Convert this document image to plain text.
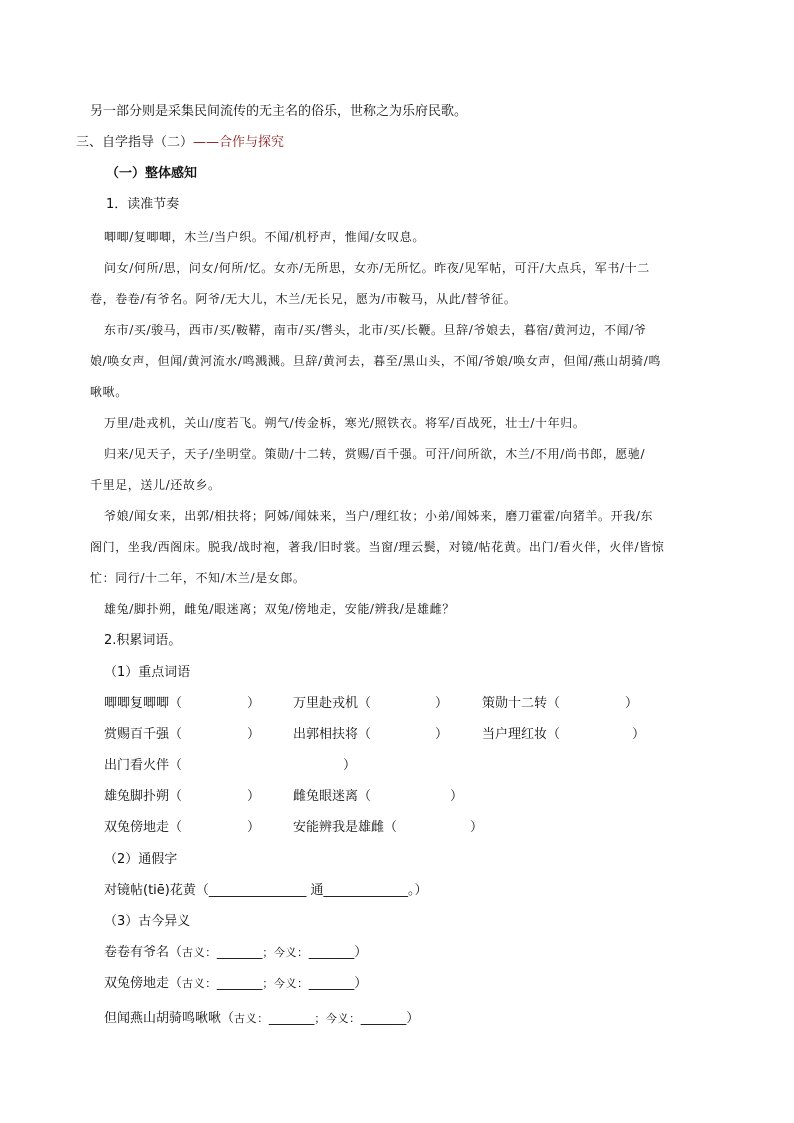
另一部分则是采集民间流传的无主名的俗乐，世称之为乐府民歌。
三、自学指导（二）——合作与探究
（一）整体感知
1．读准节奏
唧唧/复唧唧，木兰/当户织。不闻/机杼声，惟闻/女叹息。
问女/何所/思，问女/何所/忆。女亦/无所思，女亦/无所忆。昨夜/见军帖，可汗/大点兵，军书/十二
卷，卷卷/有爷名。阿爷/无大儿，木兰/无长兄，愿为/市鞍马，从此/替爷征。
东市/买/骏马，西市/买/鞍鞯，南市/买/辔头，北市/买/长鞭。旦辞/爷娘去，暮宿/黄河边，不闻/爷
娘/唤女声，但闻/黄河流水/鸣溅溅。旦辞/黄河去，暮至/黑山头，不闻/爷娘/唤女声，但闻/燕山胡骑/鸣
啾啾。
万里/赴戎机，关山/度若飞。朔气/传金柝，寒光/照铁衣。将军/百战死，壮士/十年归。
归来/见天子，天子/坐明堂。策勋/十二转，赏赐/百千强。可汗/问所欲，木兰/不用/尚书郎，愿驰/
千里足，送儿/还故乡。
爷娘/闻女来，出郭/相扶将；阿姊/闻妹来，当户/理红妆；小弟/闻姊来，磨刀霍霍/向猪羊。开我/东
阁门，坐我/西阁床。脱我/战时袍，著我/旧时裳。当窗/理云鬓，对镜/帖花黄。出门/看火伴，火伴/皆惊
忙：同行/十二年，不知/木兰/是女郎。
雄兔/脚扑朔，雌兔/眼迷离；双兔/傍地走，安能/辨我/是雄雌？
2.积累词语。
（1）重点词语
唧唧复唧唧（	）	万里赴戎机（	）	策勋十二转（	）
赏赐百千强（	）	出郭相扶将（	）	当户理红妆（	）
出门看火伴（	）
雄兔脚扑朔（	）	雌兔眼迷离（	）
双兔傍地走（	）	安能辨我是雄雌（	）
（2）通假字
对镜帖(tiē)花黄（_______________ 通_____________。）
（3）古今异义
卷卷有爷名（古义：_______；今义：_______）
双兔傍地走（古义：_______；今义：_______）
但闻燕山胡骑鸣啾啾（古义：_______；今义：_______）
